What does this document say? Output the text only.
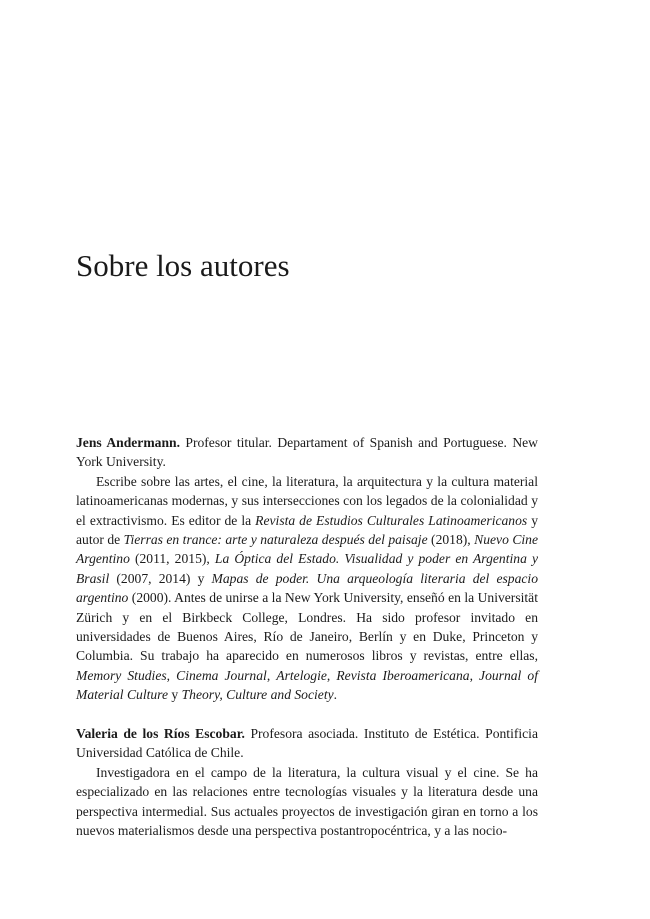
Sobre los autores

Jens Andermann. Profesor titular. Departament of Spanish and Portuguese. New York University.

Escribe sobre las artes, el cine, la literatura, la arquitectura y la cultura material latinoamericanas modernas, y sus intersecciones con los legados de la colonialidad y el extractivismo. Es editor de la Revista de Estudios Culturales Latinoamericanos y autor de Tierras en trance: arte y naturaleza después del paisaje (2018), Nuevo Cine Argentino (2011, 2015), La Óptica del Estado. Visualidad y poder en Argentina y Brasil (2007, 2014) y Mapas de poder. Una arqueología literaria del espacio argentino (2000). Antes de unirse a la New York University, enseñó en la Universität Zürich y en el Birkbeck College, Londres. Ha sido profesor invitado en universidades de Buenos Aires, Río de Janeiro, Berlín y en Duke, Princeton y Columbia. Su trabajo ha aparecido en numerosos libros y revistas, entre ellas, Memory Studies, Cinema Journal, Artelogie, Revista Iberoamericana, Journal of Material Culture y Theory, Culture and Society.

Valeria de los Ríos Escobar. Profesora asociada. Instituto de Estética. Pontificia Universidad Católica de Chile.

Investigadora en el campo de la literatura, la cultura visual y el cine. Se ha especializado en las relaciones entre tecnologías visuales y la literatura desde una perspectiva intermedial. Sus actuales proyectos de investigación giran en torno a los nuevos materialismos desde una perspectiva postantropocéntrica, y a las nocio-
